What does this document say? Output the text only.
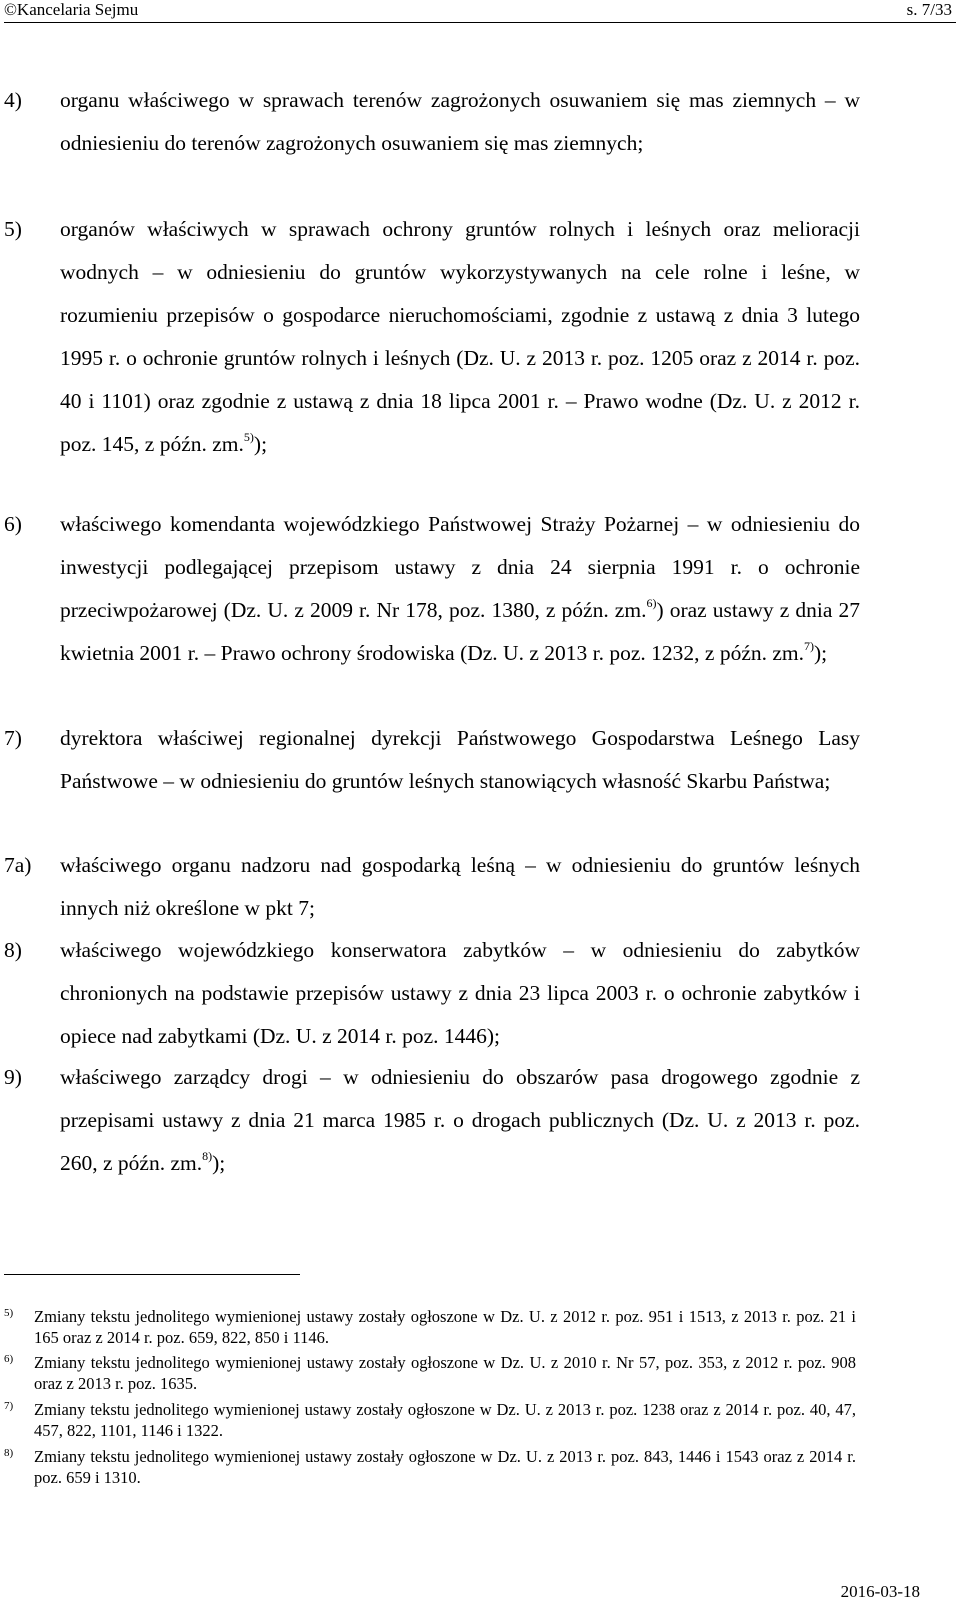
©Kancelaria Sejmu	s. 7/33
4) organu właściwego w sprawach terenów zagrożonych osuwaniem się mas ziemnych – w odniesieniu do terenów zagrożonych osuwaniem się mas ziemnych;
5) organów właściwych w sprawach ochrony gruntów rolnych i leśnych oraz melioracji wodnych – w odniesieniu do gruntów wykorzystywanych na cele rolne i leśne, w rozumieniu przepisów o gospodarce nieruchomościami, zgodnie z ustawą z dnia 3 lutego 1995 r. o ochronie gruntów rolnych i leśnych (Dz. U. z 2013 r. poz. 1205 oraz z 2014 r. poz. 40 i 1101) oraz zgodnie z ustawą z dnia 18 lipca 2001 r. – Prawo wodne (Dz. U. z 2012 r. poz. 145, z późn. zm.$^{5)}$);
6) właściwego komendanta wojewódzkiego Państwowej Straży Pożarnej – w odniesieniu do inwestycji podlegającej przepisom ustawy z dnia 24 sierpnia 1991 r. o ochronie przeciwpożarowej (Dz. U. z 2009 r. Nr 178, poz. 1380, z późn. zm.$^{6)}$) oraz ustawy z dnia 27 kwietnia 2001 r. – Prawo ochrony środowiska (Dz. U. z 2013 r. poz. 1232, z późn. zm.$^{7)}$);
7) dyrektora właściwej regionalnej dyrekcji Państwowego Gospodarstwa Leśnego Lasy Państwowe – w odniesieniu do gruntów leśnych stanowiących własność Skarbu Państwa;
7a) właściwego organu nadzoru nad gospodarką leśną – w odniesieniu do gruntów leśnych innych niż określone w pkt 7;
8) właściwego wojewódzkiego konserwatora zabytków – w odniesieniu do zabytków chronionych na podstawie przepisów ustawy z dnia 23 lipca 2003 r. o ochronie zabytków i opiece nad zabytkami (Dz. U. z 2014 r. poz. 1446);
9) właściwego zarządcy drogi – w odniesieniu do obszarów pasa drogowego zgodnie z przepisami ustawy z dnia 21 marca 1985 r. o drogach publicznych (Dz. U. z 2013 r. poz. 260, z późn. zm.$^{8)}$);
5) Zmiany tekstu jednolitego wymienionej ustawy zostały ogłoszone w Dz. U. z 2012 r. poz. 951 i 1513, z 2013 r. poz. 21 i 165 oraz z 2014 r. poz. 659, 822, 850 i 1146.
6) Zmiany tekstu jednolitego wymienionej ustawy zostały ogłoszone w Dz. U. z 2010 r. Nr 57, poz. 353, z 2012 r. poz. 908 oraz z 2013 r. poz. 1635.
7) Zmiany tekstu jednolitego wymienionej ustawy zostały ogłoszone w Dz. U. z 2013 r. poz. 1238 oraz z 2014 r. poz. 40, 47, 457, 822, 1101, 1146 i 1322.
8) Zmiany tekstu jednolitego wymienionej ustawy zostały ogłoszone w Dz. U. z 2013 r. poz. 843, 1446 i 1543 oraz z 2014 r. poz. 659 i 1310.
2016-03-18
